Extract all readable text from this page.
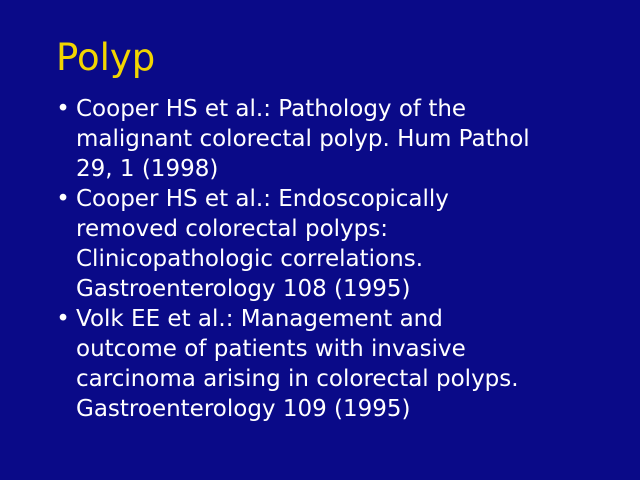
Polyp
• Cooper HS et al.: Pathology of the
malignant colorectal polyp. Hum Pathol
29, 1 (1998)
• Cooper HS et al.: Endoscopically
removed colorectal polyps:
Clinicopathologic correlations.
Gastroenterology 108 (1995)
• Volk EE et al.: Management and
outcome of patients with invasive
carcinoma arising in colorectal polyps.
Gastroenterology 109 (1995)
